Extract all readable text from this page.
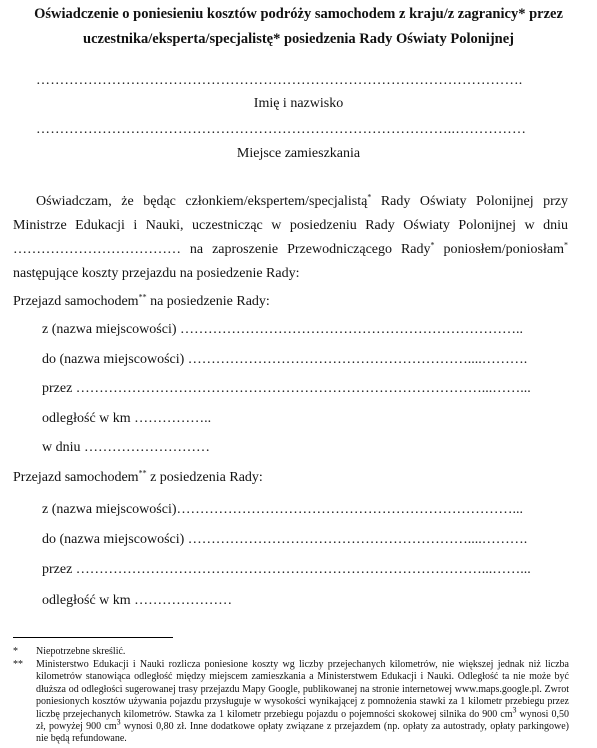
Oświadczenie o poniesieniu kosztów podróży samochodem z kraju/z zagranicy* przez
uczestnika/eksperta/specjalistę* posiedzenia Rady Oświaty Polonijnej
………………………………………………………………………………………….
Imię i nazwisko
……………………………………………………………………………..……………
Miejsce zamieszkania
Oświadczam, że będąc członkiem/ekspertem/specjalistą* Rady Oświaty Polonijnej przy Ministrze Edukacji i Nauki, uczestnicząc w posiedzeniu Rady Oświaty Polonijnej w dniu ……………………………… na zaproszenie Przewodniczącego Rady* poniosłem/poniosłam* następujące koszty przejazdu na posiedzenie Rady:
Przejazd samochodem** na posiedzenie Rady:
z (nazwa miejscowości) ………………………………………………………………..
do (nazwa miejscowości) ……………………………………………………....……….
przez ……………………………………………………………………………...……...
odległość w km ……………..
w dniu ………………………
Przejazd samochodem** z posiedzenia Rady:
z (nazwa miejscowości)………………………………………………………………...
do (nazwa miejscowości) ……………………………………………………....……….
przez ……………………………………………………………………………...……...
odległość w km …………………
* Niepotrzebne skreślić.
** Ministerstwo Edukacji i Nauki rozlicza poniesione koszty wg liczby przejechanych kilometrów, nie większej jednak niż liczba kilometrów stanowiąca odległość między miejscem zamieszkania a Ministerstwem Edukacji i Nauki. Odległość ta nie może być dłuższa od odległości sugerowanej trasy przejazdu Mapy Google, publikowanej na stronie internetowej www.maps.google.pl. Zwrot poniesionych kosztów używania pojazdu przysługuje w wysokości wynikającej z pomnożenia stawki za 1 kilometr przebiegu przez liczbę przejechanych kilometrów. Stawka za 1 kilometr przebiegu pojazdu o pojemności skokowej silnika do 900 $cm^3$ wynosi 0,50 zł, powyżej 900 $cm^3$ wynosi 0,80 zł. Inne dodatkowe opłaty związane z przejazdem (np. opłaty za autostrady, opłaty parkingowe) nie będą refundowane.
